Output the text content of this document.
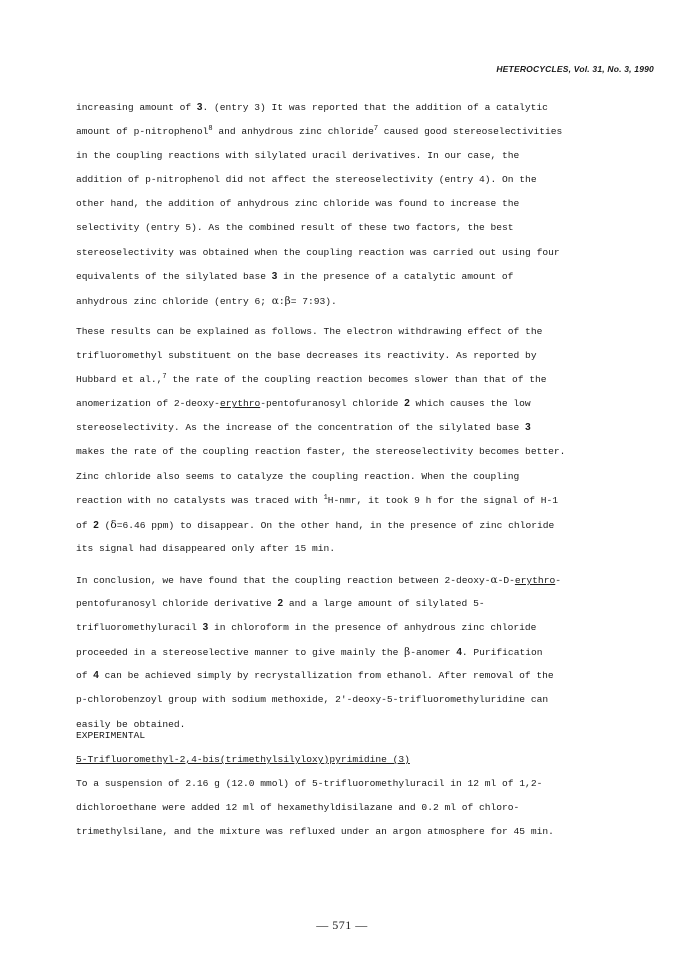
HETEROCYCLES, Vol. 31, No. 3, 1990
increasing amount of 3. (entry 3) It was reported that the addition of a catalytic
amount of p-nitrophenol$^8$ and anhydrous zinc chloride$^7$ caused good stereoselectivities
in the coupling reactions with silylated uracil derivatives. In our case, the
addition of p-nitrophenol did not affect the stereoselectivity (entry 4). On the
other hand, the addition of anhydrous zinc chloride was found to increase the
selectivity (entry 5). As the combined result of these two factors, the best
stereoselectivity was obtained when the coupling reaction was carried out using four
equivalents of the silylated base 3 in the presence of a catalytic amount of
anhydrous zinc chloride (entry 6; α:β= 7:93).
These results can be explained as follows. The electron withdrawing effect of the
trifluoromethyl substituent on the base decreases its reactivity. As reported by
Hubbard et al.,$^7$ the rate of the coupling reaction becomes slower than that of the
anomerization of 2-deoxy-erythro-pentofuranosyl chloride 2 which causes the low
stereoselectivity. As the increase of the concentration of the silylated base 3
makes the rate of the coupling reaction faster, the stereoselectivity becomes better.
Zinc chloride also seems to catalyze the coupling reaction. When the coupling
reaction with no catalysts was traced with $^1$H-nmr, it took 9 h for the signal of H-1
of 2 (δ=6.46 ppm) to disappear. On the other hand, in the presence of zinc chloride
its signal had disappeared only after 15 min.
In conclusion, we have found that the coupling reaction between 2-deoxy-α-D-erythro-
pentofuranosyl chloride derivative 2 and a large amount of silylated 5-
trifluoromethyluracil 3 in chloroform in the presence of anhydrous zinc chloride
proceeded in a stereoselective manner to give mainly the β-anomer 4. Purification
of 4 can be achieved simply by recrystallization from ethanol. After removal of the
p-chlorobenzoyl group with sodium methoxide, 2'-deoxy-5-trifluoromethyluridine can
easily be obtained.
EXPERIMENTAL
5-Trifluoromethyl-2,4-bis(trimethylsilyloxy)pyrimidine (3)
To a suspension of 2.16 g (12.0 mmol) of 5-trifluoromethyluracil in 12 ml of 1,2-
dichloroethane were added 12 ml of hexamethyldisilazane and 0.2 ml of chloro-
trimethylsilane, and the mixture was refluxed under an argon atmosphere for 45 min.
— 571 —
